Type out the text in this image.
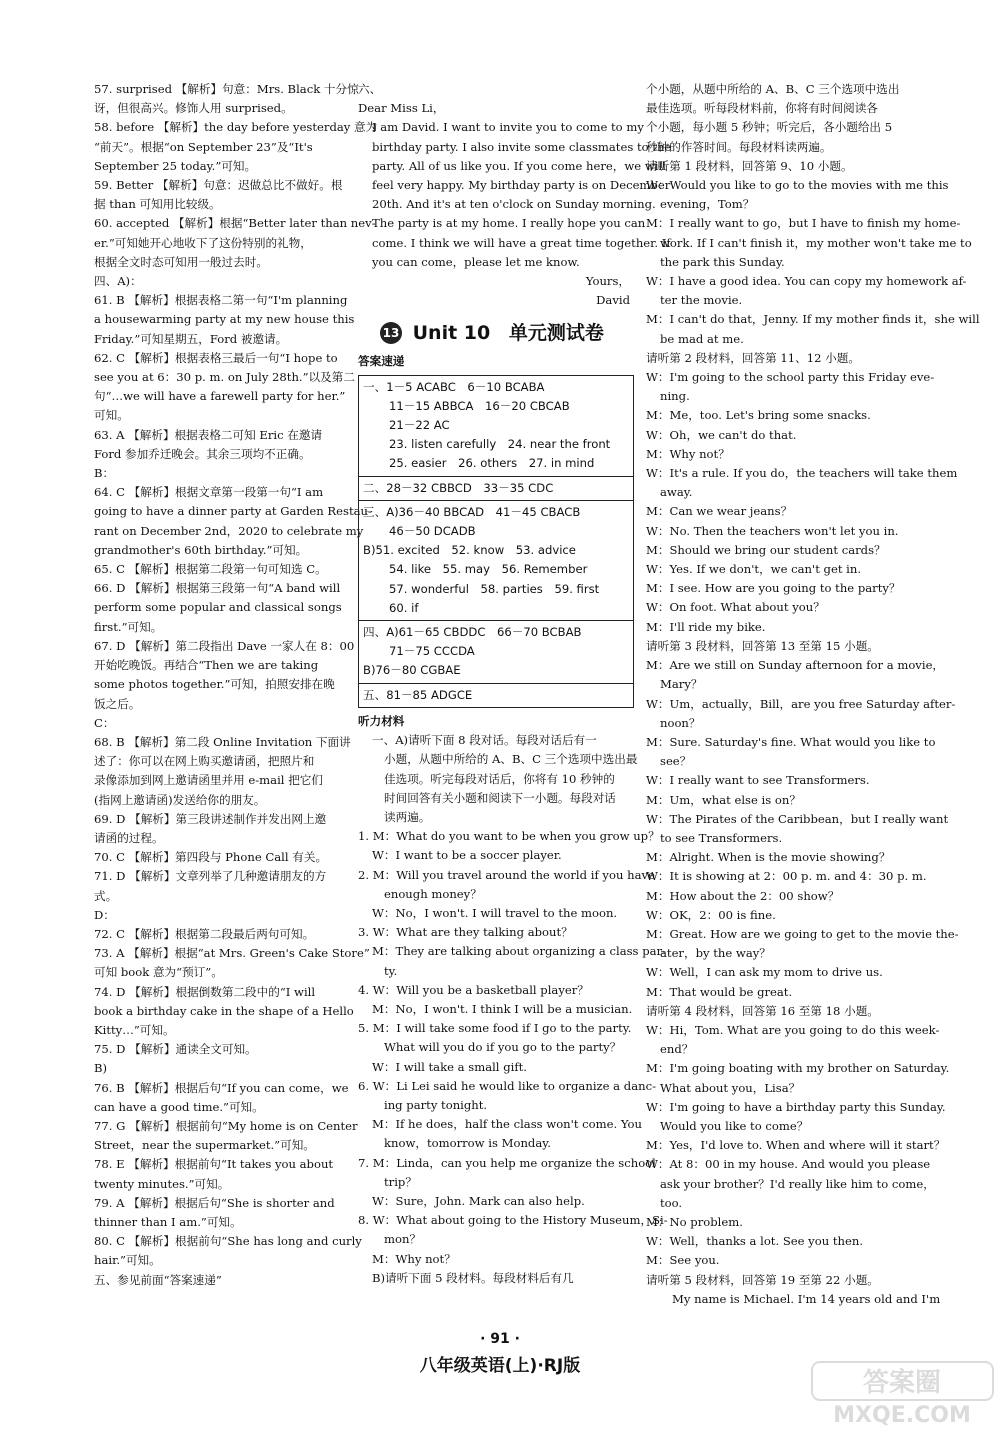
57. surprised 【解析】句意：Mrs. Black 十分惊
讶，但很高兴。修饰人用 surprised。
58. before 【解析】the day before yesterday 意为
“前天”。根据“on September 23”及“It's
September 25 today.”可知。
59. Better 【解析】句意：迟做总比不做好。根
据 than 可知用比较级。
60. accepted 【解析】根据“Better later than nev-
er.”可知她开心地收下了这份特别的礼物，
根据全文时态可知用一般过去时。
四、A)：
61. B 【解析】根据表格二第一句“I'm planning
a housewarming party at my new house this
Friday.”可知星期五，Ford 被邀请。
62. C 【解析】根据表格三最后一句“I hope to
see you at 6：30 p. m. on July 28th.”以及第二
句“…we will have a farewell party for her.”
可知。
63. A 【解析】根据表格二可知 Eric 在邀请
Ford 参加乔迁晚会。其余三项均不正确。
B：
64. C 【解析】根据文章第一段第一句“I am
going to have a dinner party at Garden Restau-
rant on December 2nd，2020 to celebrate my
grandmother's 60th birthday.”可知。
65. C 【解析】根据第二段第一句可知选 C。
66. D 【解析】根据第三段第一句“A band will
perform some popular and classical songs
first.”可知。
67. D 【解析】第二段指出 Dave 一家人在 8：00
开始吃晚饭。再结合“Then we are taking
some photos together.”可知，拍照安排在晚
饭之后。
C：
68. B 【解析】第二段 Online Invitation 下面讲
述了：你可以在网上购买邀请函，把照片和
录像添加到网上邀请函里并用 e-mail 把它们
(指网上邀请函)发送给你的朋友。
69. D 【解析】第三段讲述制作并发出网上邀
请函的过程。
70. C 【解析】第四段与 Phone Call 有关。
71. D 【解析】文章列举了几种邀请朋友的方
式。
D：
72. C 【解析】根据第二段最后两句可知。
73. A 【解析】根据“at Mrs. Green's Cake Store”
可知 book 意为“预订”。
74. D 【解析】根据倒数第二段中的“I will
book a birthday cake in the shape of a Hello
Kitty…”可知。
75. D 【解析】通读全文可知。
B)
76. B 【解析】根据后句“If you can come，we
can have a good time.”可知。
77. G 【解析】根据前句“My home is on Center
Street，near the supermarket.”可知。
78. E 【解析】根据前句“It takes you about
twenty minutes.”可知。
79. A 【解析】根据后句“She is shorter and
thinner than I am.”可知。
80. C 【解析】根据前句“She has long and curly
hair.”可知。
五、参见前面“答案速递”
六、
Dear Miss Li，
I am David. I want to invite you to come to my
birthday party. I also invite some classmates to the
party. All of us like you. If you come here，we will
feel very happy. My birthday party is on December
20th. And it's at ten o'clock on Sunday morning.
The party is at my home. I really hope you can
come. I think we will have a great time together. If
you can come，please let me know.
Yours，
David
13 Unit 10 单元测试卷
答案速递
一、1－5 ACABC　6－10 BCABA
11－15 ABBCA　16－20 CBCAB
21－22 AC
23. listen carefully　24. near the front
25. easier　26. others　27. in mind
二、28－32 CBBCD　33－35 CDC
三、A)36－40 BBCAD　41－45 CBACB
46－50 DCADB
B)51. excited　52. know　53. advice
54. like　55. may　56. Remember
57. wonderful　58. parties　59. first
60. if
四、A)61－65 CBDDC　66－70 BCBAB
71－75 CCCDA
B)76－80 CGBAE
五、81－85 ADGCE
听力材料
一、A)请听下面 8 段对话。每段对话后有一
小题，从题中所给的 A、B、C 三个选项中选出最
佳选项。听完每段对话后，你将有 10 秒钟的
时间回答有关小题和阅读下一小题。每段对话
读两遍。
1. M：What do you want to be when you grow up？
W：I want to be a soccer player.
2. M：Will you travel around the world if you have
enough money？
W：No，I won't. I will travel to the moon.
3. W：What are they talking about？
M：They are talking about organizing a class par-
ty.
4. W：Will you be a basketball player？
M：No，I won't. I think I will be a musician.
5. M：I will take some food if I go to the party.
What will you do if you go to the party？
W：I will take a small gift.
6. W：Li Lei said he would like to organize a danc-
ing party tonight.
M：If he does，half the class won't come. You
know，tomorrow is Monday.
7. M：Linda，can you help me organize the school
trip？
W：Sure，John. Mark can also help.
8. W：What about going to the History Museum，Si-
mon？
M：Why not？
B)请听下面 5 段材料。每段材料后有几
个小题，从题中所给的 A、B、C 三个选项中选出
最佳选项。听每段材料前，你将有时间阅读各
个小题，每小题 5 秒钟；听完后，各小题给出 5
秒钟的作答时间。每段材料读两遍。
请听第 1 段材料，回答第 9、10 小题。
W：Would you like to go to the movies with me this
evening，Tom？
M：I really want to go，but I have to finish my home-
work. If I can't finish it，my mother won't take me to
the park this Sunday.
W：I have a good idea. You can copy my homework af-
ter the movie.
M：I can't do that，Jenny. If my mother finds it，she will
be mad at me.
请听第 2 段材料，回答第 11、12 小题。
W：I'm going to the school party this Friday eve-
ning.
M：Me，too. Let's bring some snacks.
W：Oh，we can't do that.
M：Why not？
W：It's a rule. If you do，the teachers will take them
away.
M：Can we wear jeans？
W：No. Then the teachers won't let you in.
M：Should we bring our student cards？
W：Yes. If we don't，we can't get in.
M：I see. How are you going to the party？
W：On foot. What about you？
M：I'll ride my bike.
请听第 3 段材料，回答第 13 至第 15 小题。
M：Are we still on Sunday afternoon for a movie，
Mary？
W：Um，actually，Bill，are you free Saturday after-
noon？
M：Sure. Saturday's fine. What would you like to
see？
W：I really want to see Transformers.
M：Um，what else is on？
W：The Pirates of the Caribbean，but I really want
to see Transformers.
M：Alright. When is the movie showing？
W：It is showing at 2：00 p. m. and 4：30 p. m.
M：How about the 2：00 show？
W：OK，2：00 is fine.
M：Great. How are we going to get to the movie the-
ater，by the way？
W：Well，I can ask my mom to drive us.
M：That would be great.
请听第 4 段材料，回答第 16 至第 18 小题。
W：Hi，Tom. What are you going to do this week-
end？
M：I'm going boating with my brother on Saturday.
What about you，Lisa？
W：I'm going to have a birthday party this Sunday.
Would you like to come？
M：Yes，I'd love to. When and where will it start？
W：At 8：00 in my house. And would you please
ask your brother？I'd really like him to come，
too.
M：No problem.
W：Well，thanks a lot. See you then.
M：See you.
请听第 5 段材料，回答第 19 至第 22 小题。
My name is Michael. I'm 14 years old and I'm
· 91 ·
八年级英语(上)·RJ版
答案圈
MXQE.COM
